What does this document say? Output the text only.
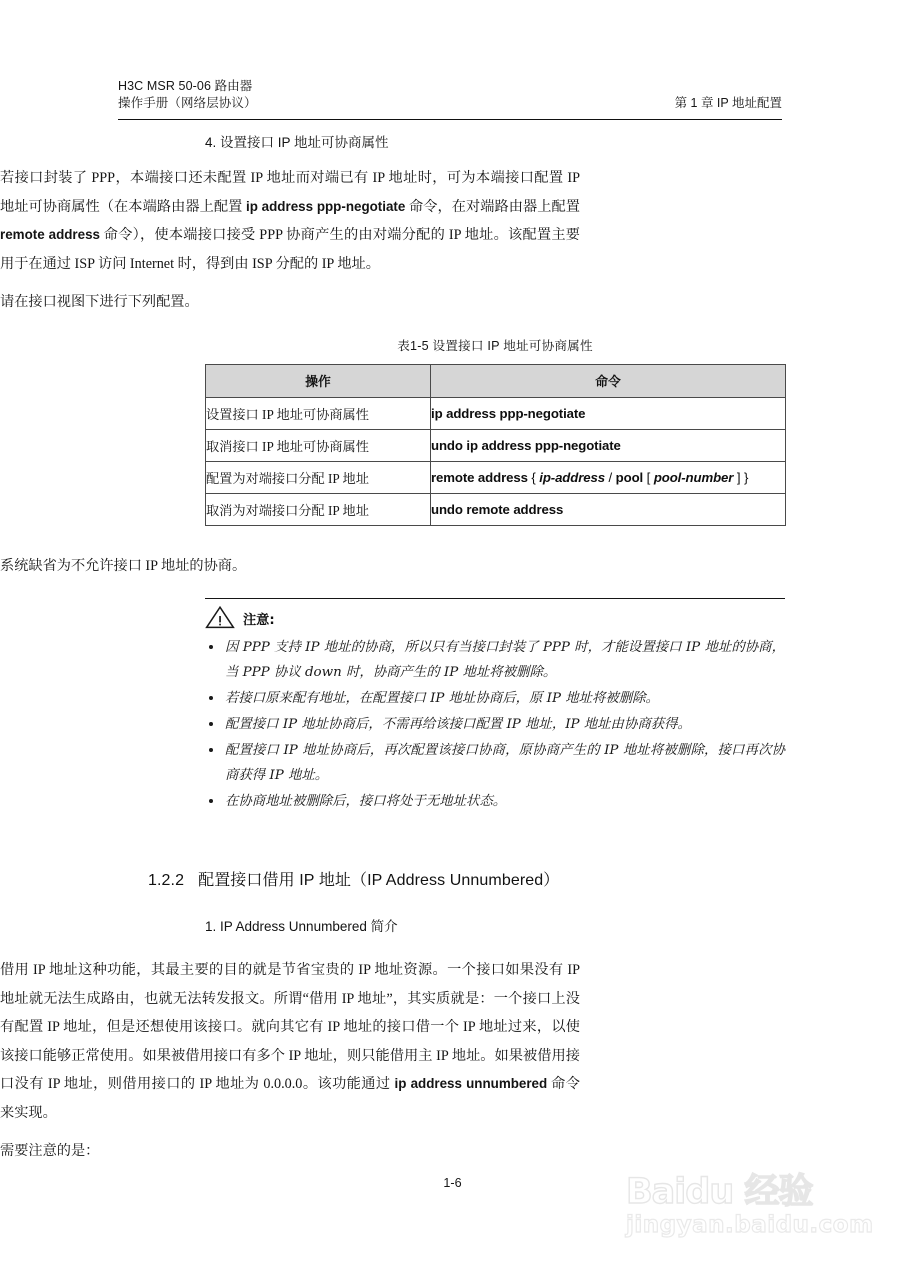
H3C MSR 50-06 路由器
操作手册（网络层协议）	第 1 章 IP 地址配置
4. 设置接口 IP 地址可协商属性

若接口封装了 PPP，本端接口还未配置 IP 地址而对端已有 IP 地址时，可为本端接口配置 IP 地址可协商属性（在本端路由器上配置 ip address ppp-negotiate 命令，在对端路由器上配置 remote address 命令），使本端接口接受 PPP 协商产生的由对端分配的 IP 地址。该配置主要用于在通过 ISP 访问 Internet 时，得到由 ISP 分配的 IP 地址。

请在接口视图下进行下列配置。

表1-5 设置接口 IP 地址可协商属性
操作	命令
设置接口 IP 地址可协商属性	ip address ppp-negotiate
取消接口 IP 地址可协商属性	undo ip address ppp-negotiate
配置为对端接口分配 IP 地址	remote address { ip-address / pool [ pool-number ] }
取消为对端接口分配 IP 地址	undo remote address

系统缺省为不允许接口 IP 地址的协商。

注意:
因 PPP 支持 IP 地址的协商，所以只有当接口封装了 PPP 时，才能设置接口 IP 地址的协商，当 PPP 协议 down 时，协商产生的 IP 地址将被删除。
若接口原来配有地址，在配置接口 IP 地址协商后，原 IP 地址将被删除。
配置接口 IP 地址协商后，不需再给该接口配置 IP 地址，IP 地址由协商获得。
配置接口 IP 地址协商后，再次配置该接口协商，原协商产生的 IP 地址将被删除，接口再次协商获得 IP 地址。
在协商地址被删除后，接口将处于无地址状态。
1.2.2 配置接口借用 IP 地址（IP Address Unnumbered）
1. IP Address Unnumbered 简介

借用 IP 地址这种功能，其最主要的目的就是节省宝贵的 IP 地址资源。一个接口如果没有 IP 地址就无法生成路由，也就无法转发报文。所谓“借用 IP 地址”，其实质就是：一个接口上没有配置 IP 地址，但是还想使用该接口。就向其它有 IP 地址的接口借一个 IP 地址过来，以使该接口能够正常使用。如果被借用接口有多个 IP 地址，则只能借用主 IP 地址。如果被借用接口没有 IP 地址，则借用接口的 IP 地址为 0.0.0.0。该功能通过 ip address unnumbered 命令来实现。

需要注意的是：

1-6	Baidu 经验
jingyan.baidu.com
